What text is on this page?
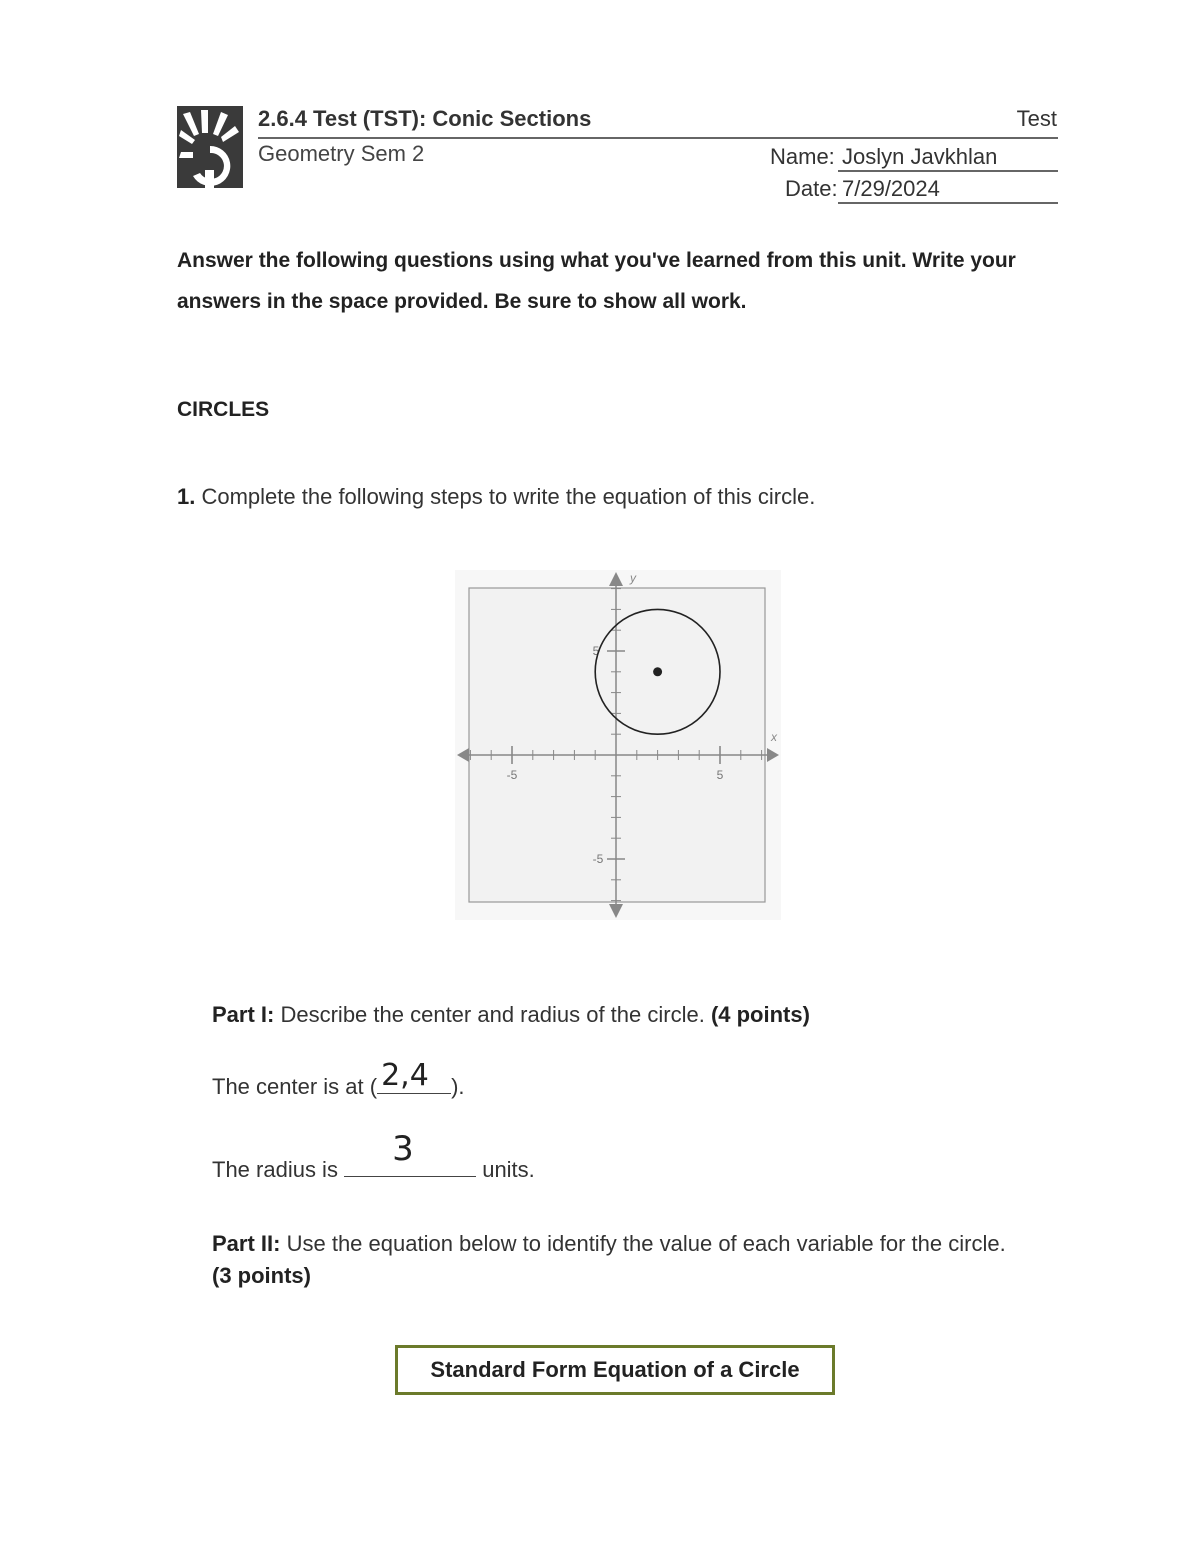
2.6.4 Test (TST): Conic Sections	Test
Geometry Sem 2	Name: Joslyn Javkhlan
Date: 7/29/2024
Answer the following questions using what you've learned from this unit. Write your answers in the space provided. Be sure to show all work.
CIRCLES
1. Complete the following steps to write the equation of this circle.
-5	5
5
-5
x
y
Part I: Describe the center and radius of the circle. (4 points)
The center is at ( 2,4 ).
The radius is
3
units.
Part II: Use the equation below to identify the value of each variable for the circle.
(3 points)
Standard Form Equation of a Circle
